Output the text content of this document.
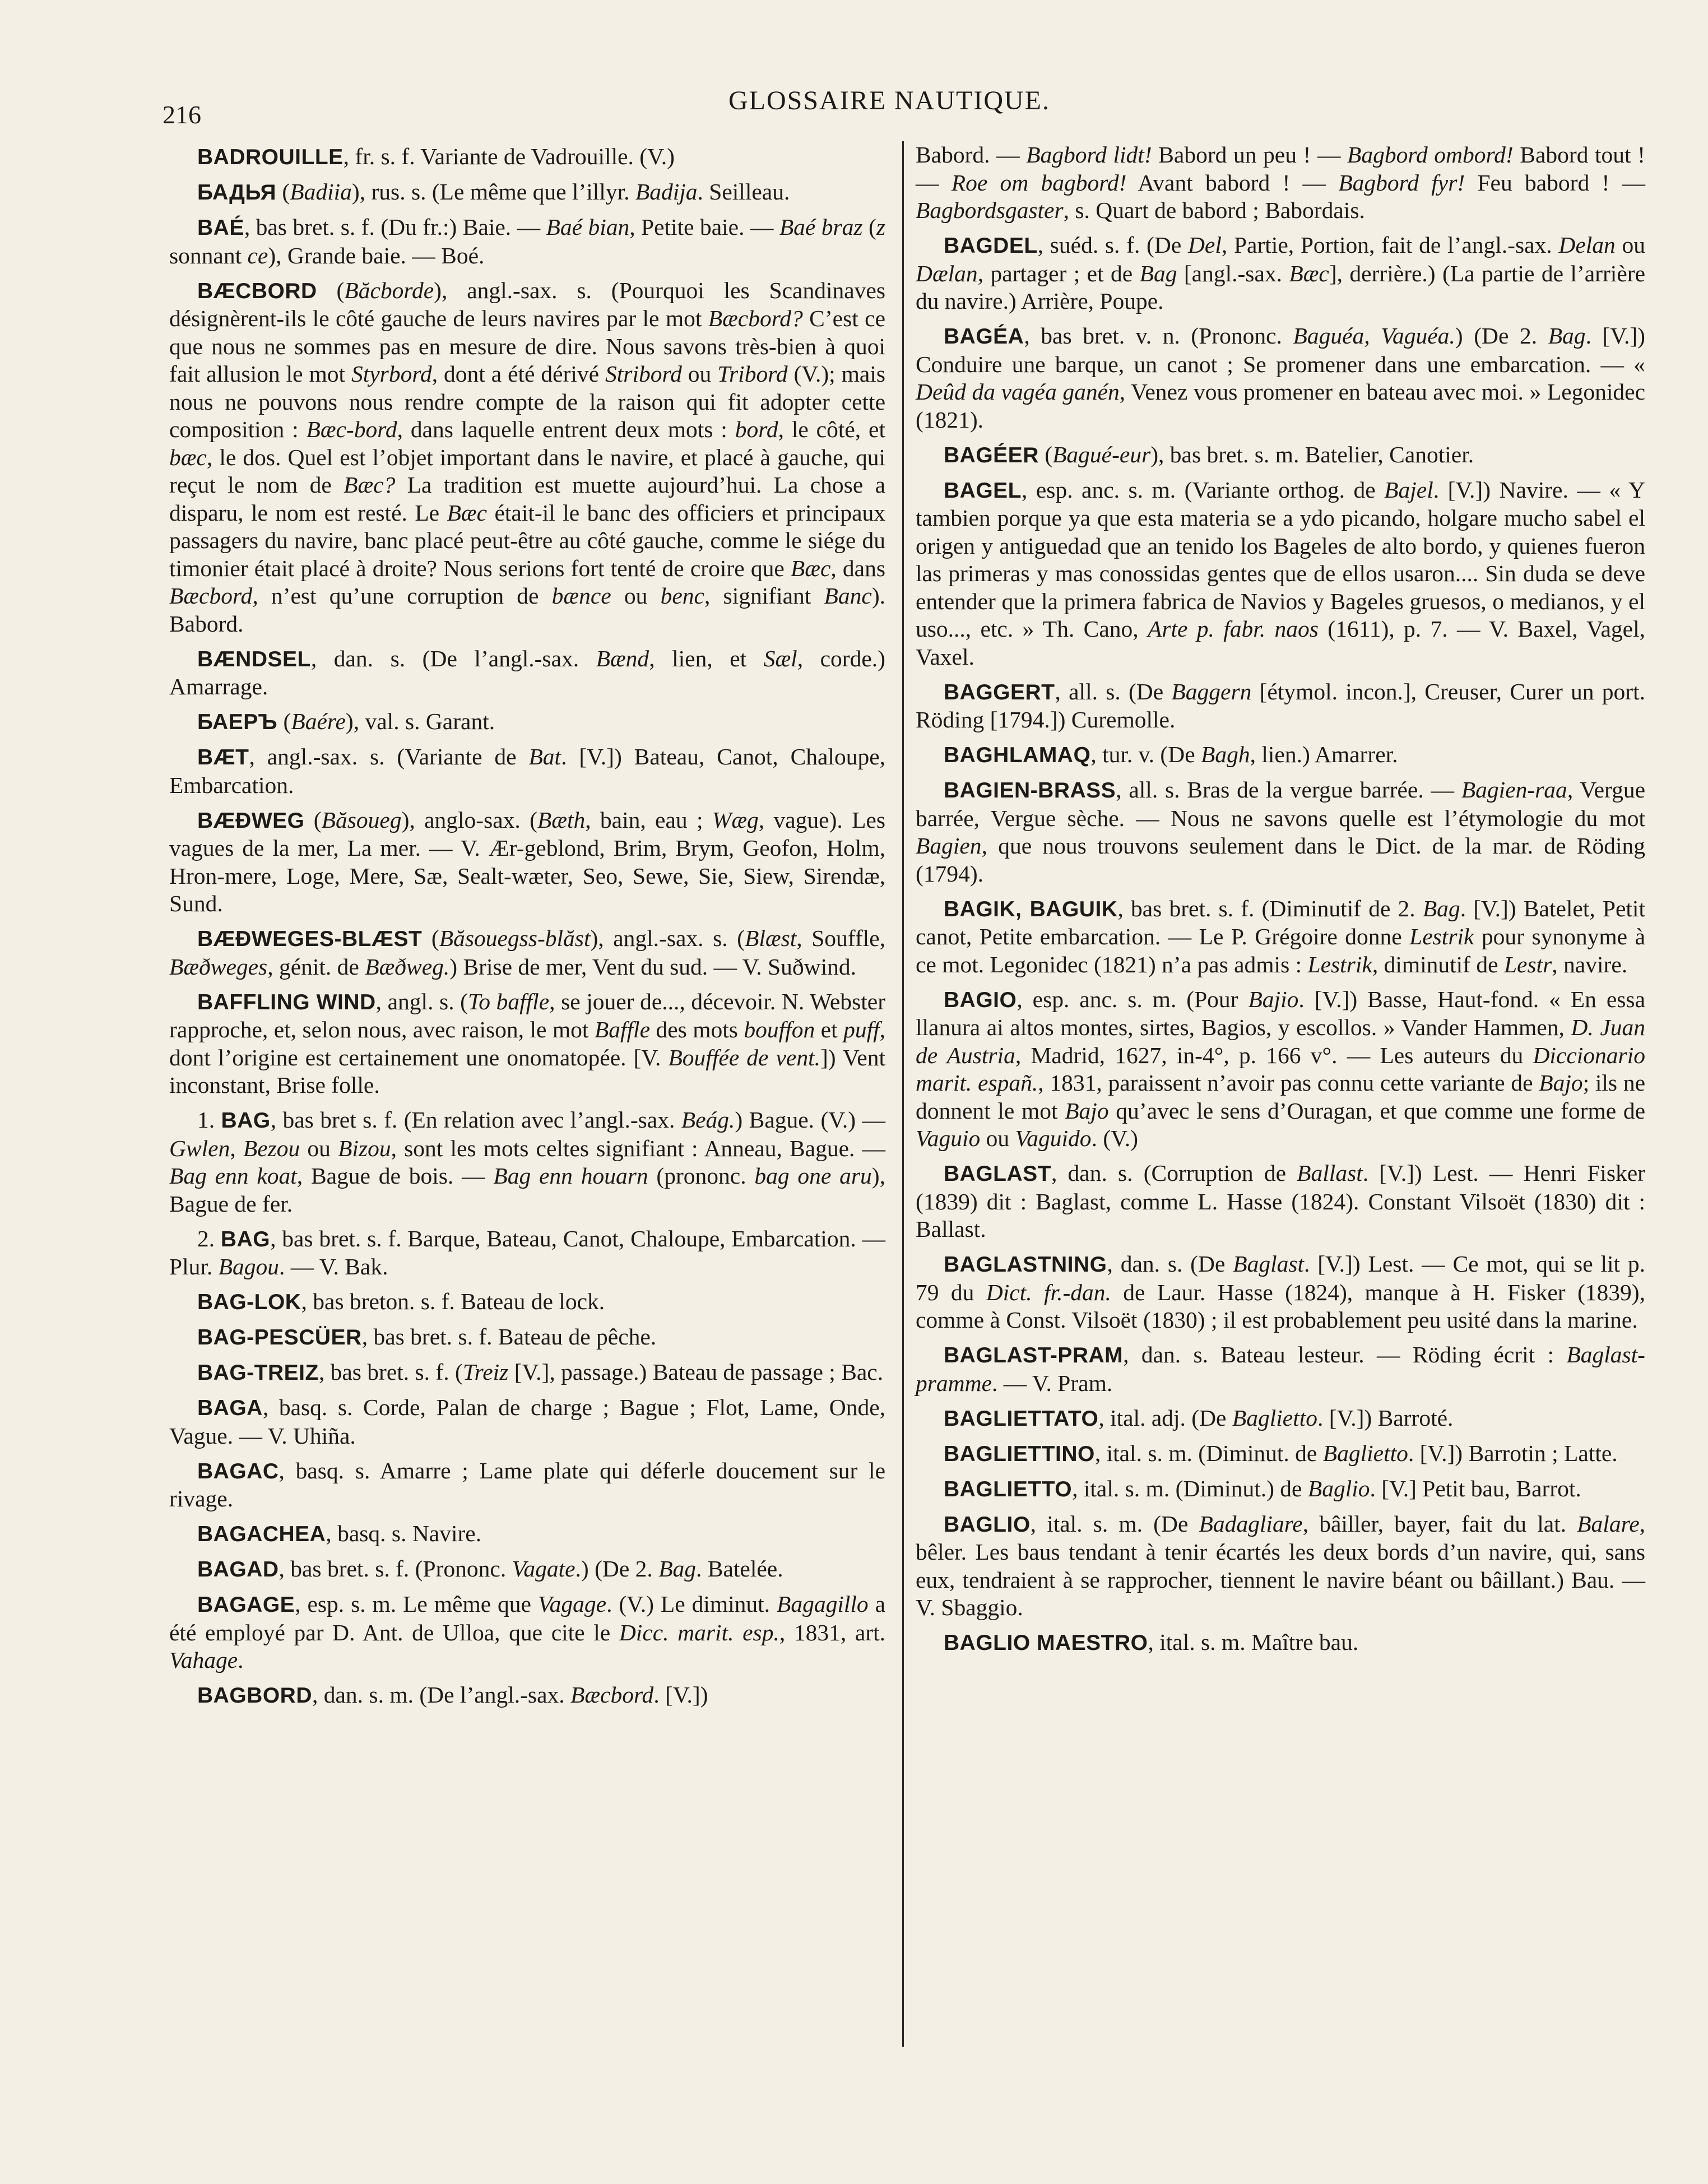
216	GLOSSAIRE NAUTIQUE.

BADROUILLE, fr. s. f. Variante de Vadrouille. (V.)

БАДЬЯ (Badiia), rus. s. (Le même que l’illyr. Badija. Seilleau.

BAÉ, bas bret. s. f. (Du fr.:) Baie. — Baé bian, Petite baie. — Baé braz (z sonnant ce), Grande baie. — Boé.

BÆCBORD (Băcborde), angl.-sax. s. (Pourquoi les Scandinaves désignèrent-ils le côté gauche de leurs navires par le mot Bæcbord? C’est ce que nous ne sommes pas en mesure de dire. Nous savons très-bien à quoi fait allusion le mot Styrbord, dont a été dérivé Stribord ou Tribord (V.); mais nous ne pouvons nous rendre compte de la raison qui fit adopter cette composition : Bæc-bord, dans laquelle entrent deux mots : bord, le côté, et bæc, le dos. Quel est l’objet important dans le navire, et placé à gauche, qui reçut le nom de Bæc? La tradition est muette aujourd’hui. La chose a disparu, le nom est resté. Le Bæc était-il le banc des officiers et principaux passagers du navire, banc placé peut-être au côté gauche, comme le siége du timonier était placé à droite? Nous serions fort tenté de croire que Bæc, dans Bæcbord, n’est qu’une corruption de bænce ou benc, signifiant Banc). Babord.

BÆNDSEL, dan. s. (De l’angl.-sax. Bænd, lien, et Sæl, corde.) Amarrage.

БАЕРЪ (Baére), val. s. Garant.

BÆT, angl.-sax. s. (Variante de Bat. [V.]) Bateau, Canot, Chaloupe, Embarcation.

BÆÐWEG (Băsoueg), anglo-sax. (Bæth, bain, eau ; Wæg, vague). Les vagues de la mer, La mer. — V. Ær-geblond, Brim, Brym, Geofon, Holm, Hron-mere, Loge, Mere, Sæ, Sealt-wæter, Seo, Sewe, Sie, Siew, Sirendæ, Sund.

BÆÐWEGES-BLÆST (Băsouegss-blăst), angl.-sax. s. (Blæst, Souffle, Bæðweges, génit. de Bæðweg.) Brise de mer, Vent du sud. — V. Suðwind.

BAFFLING WIND, angl. s. (To baffle, se jouer de..., décevoir. N. Webster rapproche, et, selon nous, avec raison, le mot Baffle des mots bouffon et puff, dont l’origine est certainement une onomatopée. [V. Bouffée de vent.]) Vent inconstant, Brise folle.

1. BAG, bas bret s. f. (En relation avec l’angl.-sax. Beág.) Bague. (V.) — Gwlen, Bezou ou Bizou, sont les mots celtes signifiant : Anneau, Bague. — Bag enn koat, Bague de bois. — Bag enn houarn (prononc. bag one aru), Bague de fer.

2. BAG, bas bret. s. f. Barque, Bateau, Canot, Chaloupe, Embarcation. — Plur. Bagou. — V. Bak.

BAG-LOK, bas breton. s. f. Bateau de lock.

BAG-PESCÜER, bas bret. s. f. Bateau de pêche.

BAG-TREIZ, bas bret. s. f. (Treiz [V.], passage.) Bateau de passage ; Bac.

BAGA, basq. s. Corde, Palan de charge ; Bague ; Flot, Lame, Onde, Vague. — V. Uhiña.

BAGAC, basq. s. Amarre ; Lame plate qui déferle doucement sur le rivage.

BAGACHEA, basq. s. Navire.

BAGAD, bas bret. s. f. (Prononc. Vagate.) (De 2. Bag. Batelée.

BAGAGE, esp. s. m. Le même que Vagage. (V.) Le diminut. Bagagillo a été employé par D. Ant. de Ulloa, que cite le Dicc. marit. esp., 1831, art. Vahage.

BAGBORD, dan. s. m. (De l’angl.-sax. Bæcbord. [V.])

Babord. — Bagbord lidt! Babord un peu ! — Bagbord ombord! Babord tout ! — Roe om bagbord! Avant babord ! — Bagbord fyr! Feu babord ! — Bagbordsgaster, s. Quart de babord ; Babordais.

BAGDEL, suéd. s. f. (De Del, Partie, Portion, fait de l’angl.-sax. Delan ou Dælan, partager ; et de Bag [angl.-sax. Bæc], derrière.) (La partie de l’arrière du navire.) Arrière, Poupe.

BAGÉA, bas bret. v. n. (Prononc. Baguéa, Vaguéa.) (De 2. Bag. [V.]) Conduire une barque, un canot ; Se promener dans une embarcation. — « Deûd da vagéa ganén, Venez vous promener en bateau avec moi. » Legonidec (1821).

BAGÉER (Bagué-eur), bas bret. s. m. Batelier, Canotier.

BAGEL, esp. anc. s. m. (Variante orthog. de Bajel. [V.]) Navire. — « Y tambien porque ya que esta materia se a ydo picando, holgare mucho sabel el origen y antiguedad que an tenido los Bageles de alto bordo, y quienes fueron las primeras y mas conossidas gentes que de ellos usaron.... Sin duda se deve entender que la primera fabrica de Navios y Bageles gruesos, o medianos, y el uso..., etc. » Th. Cano, Arte p. fabr. naos (1611), p. 7. — V. Baxel, Vagel, Vaxel.

BAGGERT, all. s. (De Baggern [étymol. incon.], Creuser, Curer un port. Röding [1794.]) Curemolle.

BAGHLAMAQ, tur. v. (De Bagh, lien.) Amarrer.

BAGIEN-BRASS, all. s. Bras de la vergue barrée. — Bagien-raa, Vergue barrée, Vergue sèche. — Nous ne savons quelle est l’étymologie du mot Bagien, que nous trouvons seulement dans le Dict. de la mar. de Röding (1794).

BAGIK, BAGUIK, bas bret. s. f. (Diminutif de 2. Bag. [V.]) Batelet, Petit canot, Petite embarcation. — Le P. Grégoire donne Lestrik pour synonyme à ce mot. Legonidec (1821) n’a pas admis : Lestrik, diminutif de Lestr, navire.

BAGIO, esp. anc. s. m. (Pour Bajio. [V.]) Basse, Haut-fond. « En essa llanura ai altos montes, sirtes, Bagios, y escollos. » Vander Hammen, D. Juan de Austria, Madrid, 1627, in-4°, p. 166 v°. — Les auteurs du Diccionario marit. españ., 1831, paraissent n’avoir pas connu cette variante de Bajo; ils ne donnent le mot Bajo qu’avec le sens d’Ouragan, et que comme une forme de Vaguio ou Vaguido. (V.)

BAGLAST, dan. s. (Corruption de Ballast. [V.]) Lest. — Henri Fisker (1839) dit : Baglast, comme L. Hasse (1824). Constant Vilsoët (1830) dit : Ballast.

BAGLASTNING, dan. s. (De Baglast. [V.]) Lest. — Ce mot, qui se lit p. 79 du Dict. fr.-dan. de Laur. Hasse (1824), manque à H. Fisker (1839), comme à Const. Vilsoët (1830) ; il est probablement peu usité dans la marine.

BAGLAST-PRAM, dan. s. Bateau lesteur. — Röding écrit : Baglast-pramme. — V. Pram.

BAGLIETTATO, ital. adj. (De Baglietto. [V.]) Barroté.

BAGLIETTINO, ital. s. m. (Diminut. de Baglietto. [V.]) Barrotin ; Latte.

BAGLIETTO, ital. s. m. (Diminut.) de Baglio. [V.] Petit bau, Barrot.

BAGLIO, ital. s. m. (De Badagliare, bâiller, bayer, fait du lat. Balare, bêler. Les baus tendant à tenir écartés les deux bords d’un navire, qui, sans eux, tendraient à se rapprocher, tiennent le navire béant ou bâillant.) Bau. — V. Sbaggio.

BAGLIO MAESTRO, ital. s. m. Maître bau.
